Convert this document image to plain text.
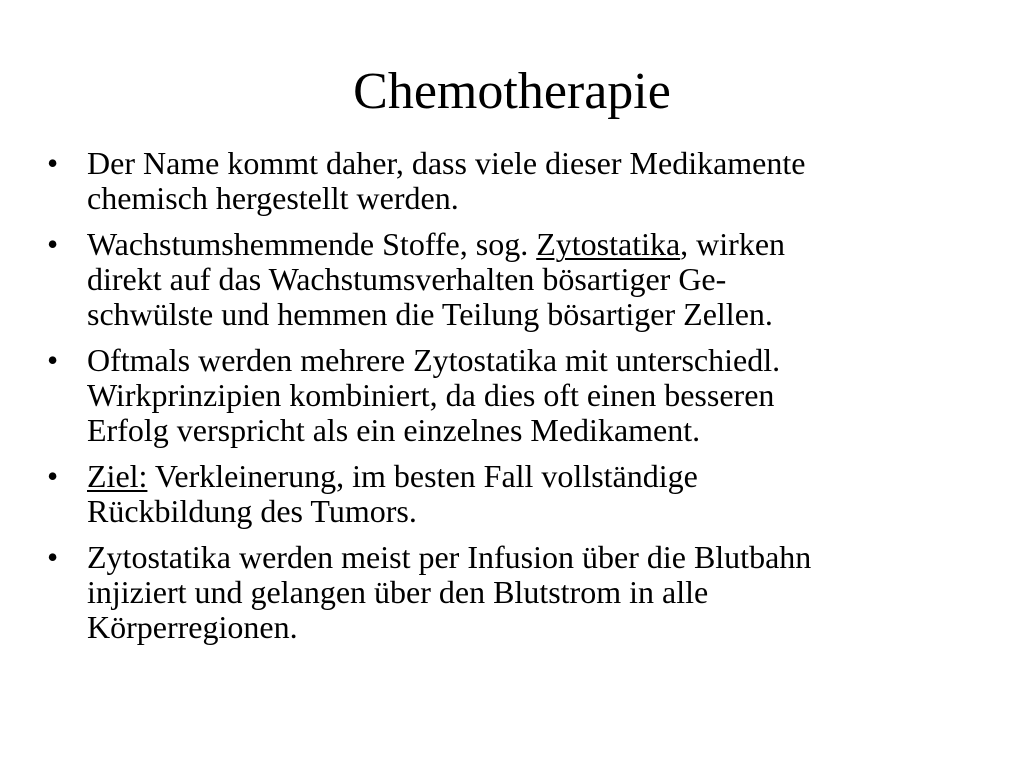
Chemotherapie
• Der Name kommt daher, dass viele dieser Medikamente
chemisch hergestellt werden.
• Wachstumshemmende Stoffe, sog. Zytostatika, wirken
direkt auf das Wachstumsverhalten bösartiger Ge-
schwülste und hemmen die Teilung bösartiger Zellen.
• Oftmals werden mehrere Zytostatika mit unterschiedl.
Wirkprinzipien kombiniert, da dies oft einen besseren
Erfolg verspricht als ein einzelnes Medikament.
• Ziel: Verkleinerung, im besten Fall vollständige
Rückbildung des Tumors.
• Zytostatika werden meist per Infusion über die Blutbahn
injiziert und gelangen über den Blutstrom in alle
Körperregionen.
